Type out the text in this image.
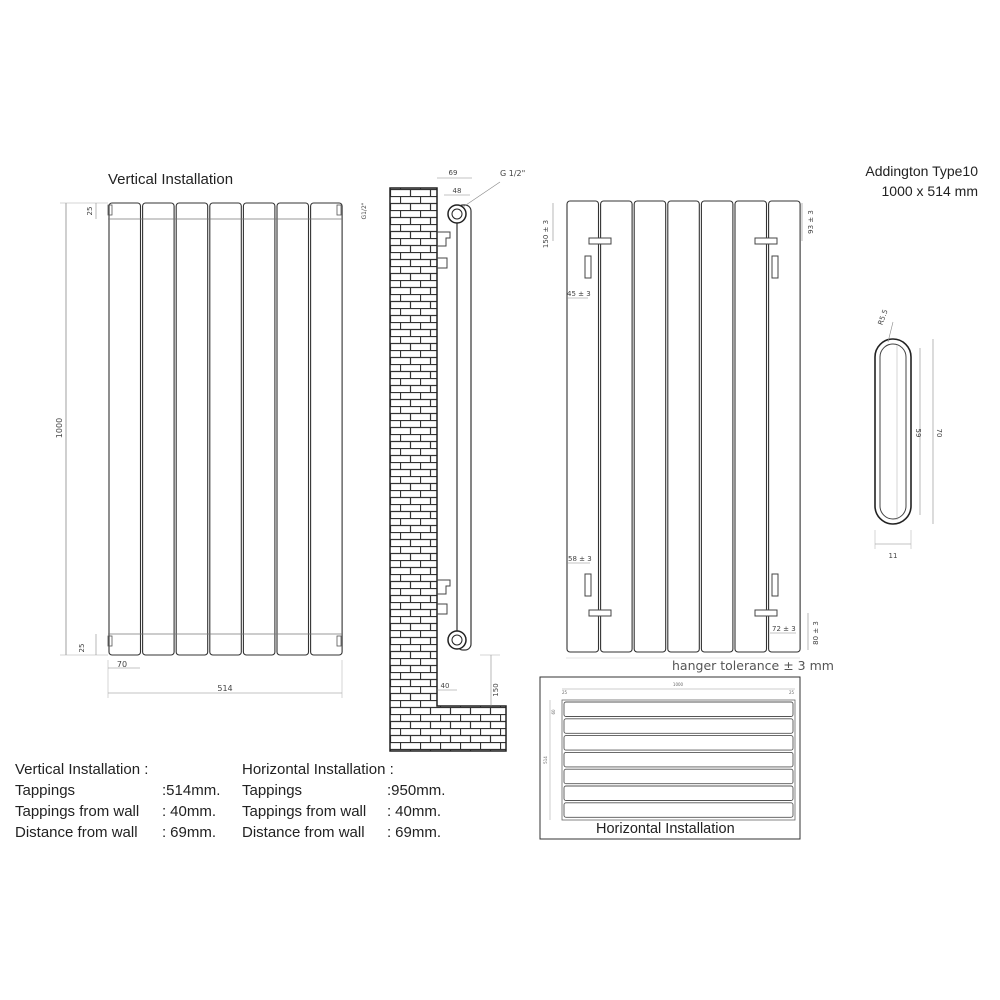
Vertical Installation	Addington Type10
1000 x 514 mm
1000
25
25
G1/2"
70
514
69
48
G 1/2"
40	150
150 ± 3	93 ± 3
45 ± 3
58 ± 3
72 ± 3 80 ± 3
R5.5
59 70
11
1000
25	25
514
60
hanger tolerance ± 3 mm
Horizontal Installation
Vertical Installation :
Tappings	: 514mm.
Tappings from wall	: 40mm.
Distance from wall	: 69mm.
Horizontal Installation :
Tappings	: 950mm.
Tappings from wall	: 40mm.
Distance from wall	: 69mm.
